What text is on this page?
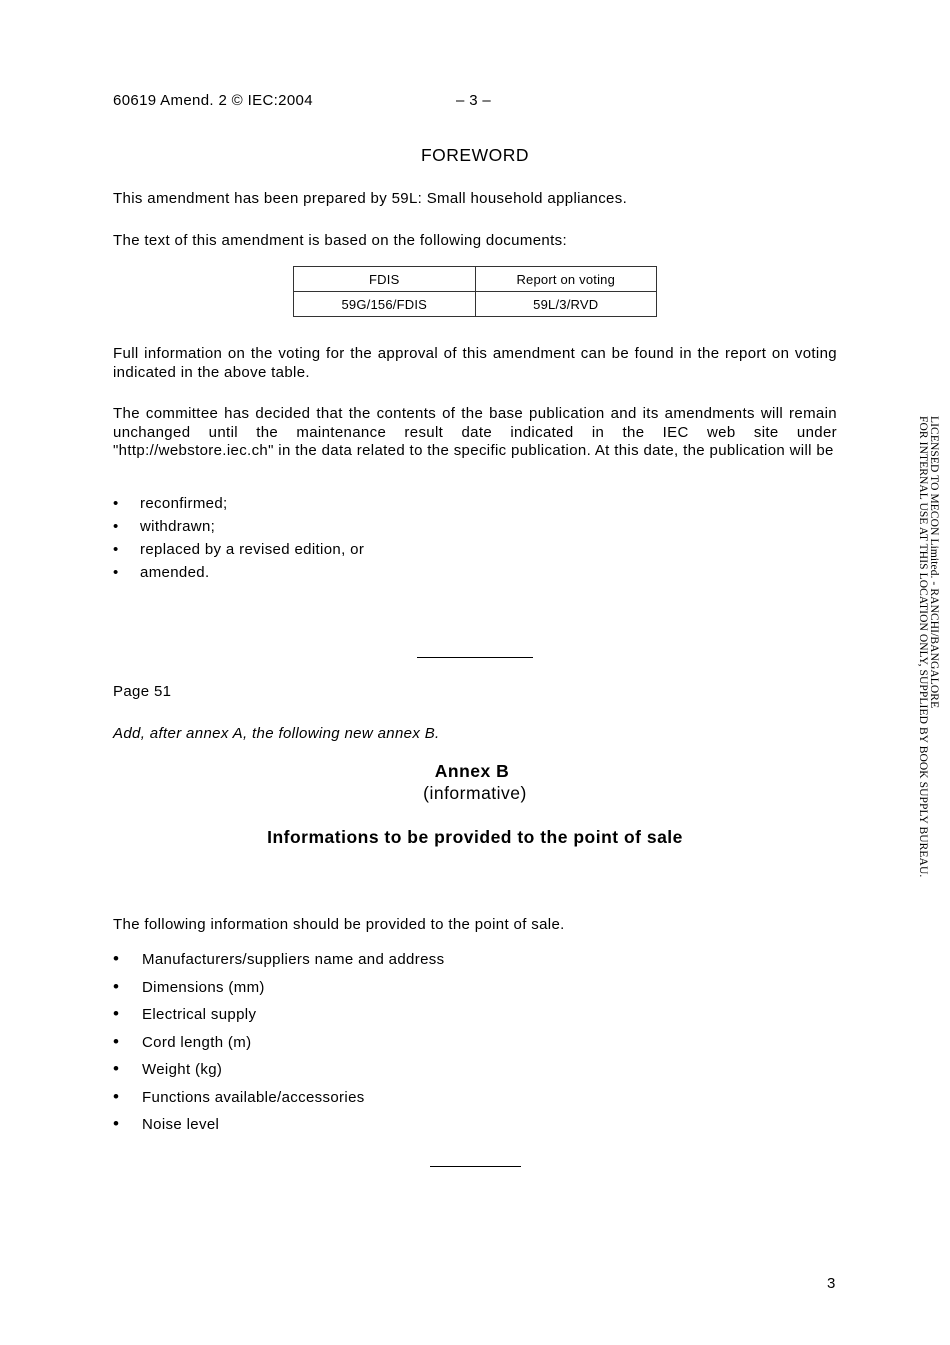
60619 Amend. 2 © IEC:2004	– 3 –
FOREWORD
This amendment has been prepared by 59L: Small household appliances.
The text of this amendment is based on the following documents:
FDIS	Report on voting
59G/156/FDIS	59L/3/RVD
Full information on the voting for the approval of this amendment can be found in the report on voting indicated in the above table.
The committee has decided that the contents of the base publication and its amendments will remain unchanged until the maintenance result date indicated in the IEC web site under "http://webstore.iec.ch" in the data related to the specific publication. At this date, the publication will be
• reconfirmed;
• withdrawn;
• replaced by a revised edition, or
• amended.
Page 51
Add, after annex A, the following new annex B.
Annex B
(informative)
Informations to be provided to the point of sale
The following information should be provided to the point of sale.
• Manufacturers/suppliers name and address
• Dimensions (mm)
• Electrical supply
• Cord length (m)
• Weight (kg)
• Functions available/accessories
• Noise level
3
LICENSED TO MECON Limited. - RANCHI/BANGALORE
FOR INTERNAL USE AT THIS LOCATION ONLY, SUPPLIED BY BOOK SUPPLY BUREAU.
